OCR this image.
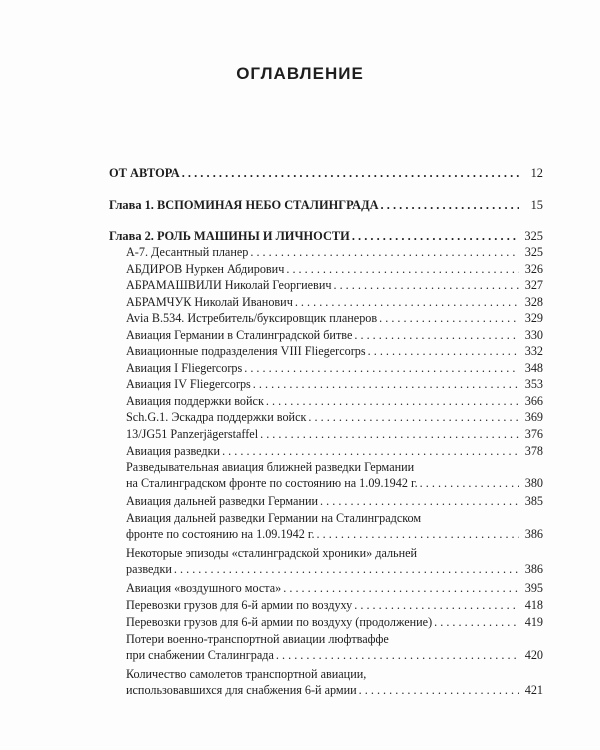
ОГЛАВЛЕНИЕ
ОТ АВТОРА . . .	12
Глава 1. ВСПОМИНАЯ НЕБО СТАЛИНГРАДА . . .	15
Глава 2. РОЛЬ МАШИНЫ И ЛИЧНОСТИ . . .	325
А-7. Десантный планер . . .	325
АБДИРОВ Нуркен Абдирович . . .	326
АБРАМАШВИЛИ Николай Георгиевич . . .	327
АБРАМЧУК Николай Иванович . . .	328
Avia B.534. Истребитель/буксировщик планеров . . .	329
Авиация Германии в Сталинградской битве . . .	330
Авиационные подразделения VIII Fliegercorps . . .	332
Авиация I Fliegercorps . . .	348
Авиация IV Fliegercorps . . .	353
Авиация поддержки войск . . .	366
Sch.G.1. Эскадра поддержки войск . . .	369
13/JG51 Panzerjägerstaffel . . .	376
Авиация разведки . . .	378
Разведывательная авиация ближней разведки Германии
на Сталинградском фронте по состоянию на 1.09.1942 г. . . .	380
Авиация дальней разведки Германии . . .	385
Авиация дальней разведки Германии на Сталинградском
фронте по состоянию на 1.09.1942 г. . . .	386
Некоторые эпизоды «сталинградской хроники» дальней
разведки . . .	386
Авиация «воздушного моста» . . .	395
Перевозки грузов для 6-й армии по воздуху . . .	418
Перевозки грузов для 6-й армии по воздуху (продолжение) . . .	419
Потери военно-транспортной авиации люфтваффе
при снабжении Сталинграда . . .	420
Количество самолетов транспортной авиации,
использовавшихся для снабжения 6-й армии . . .	421
